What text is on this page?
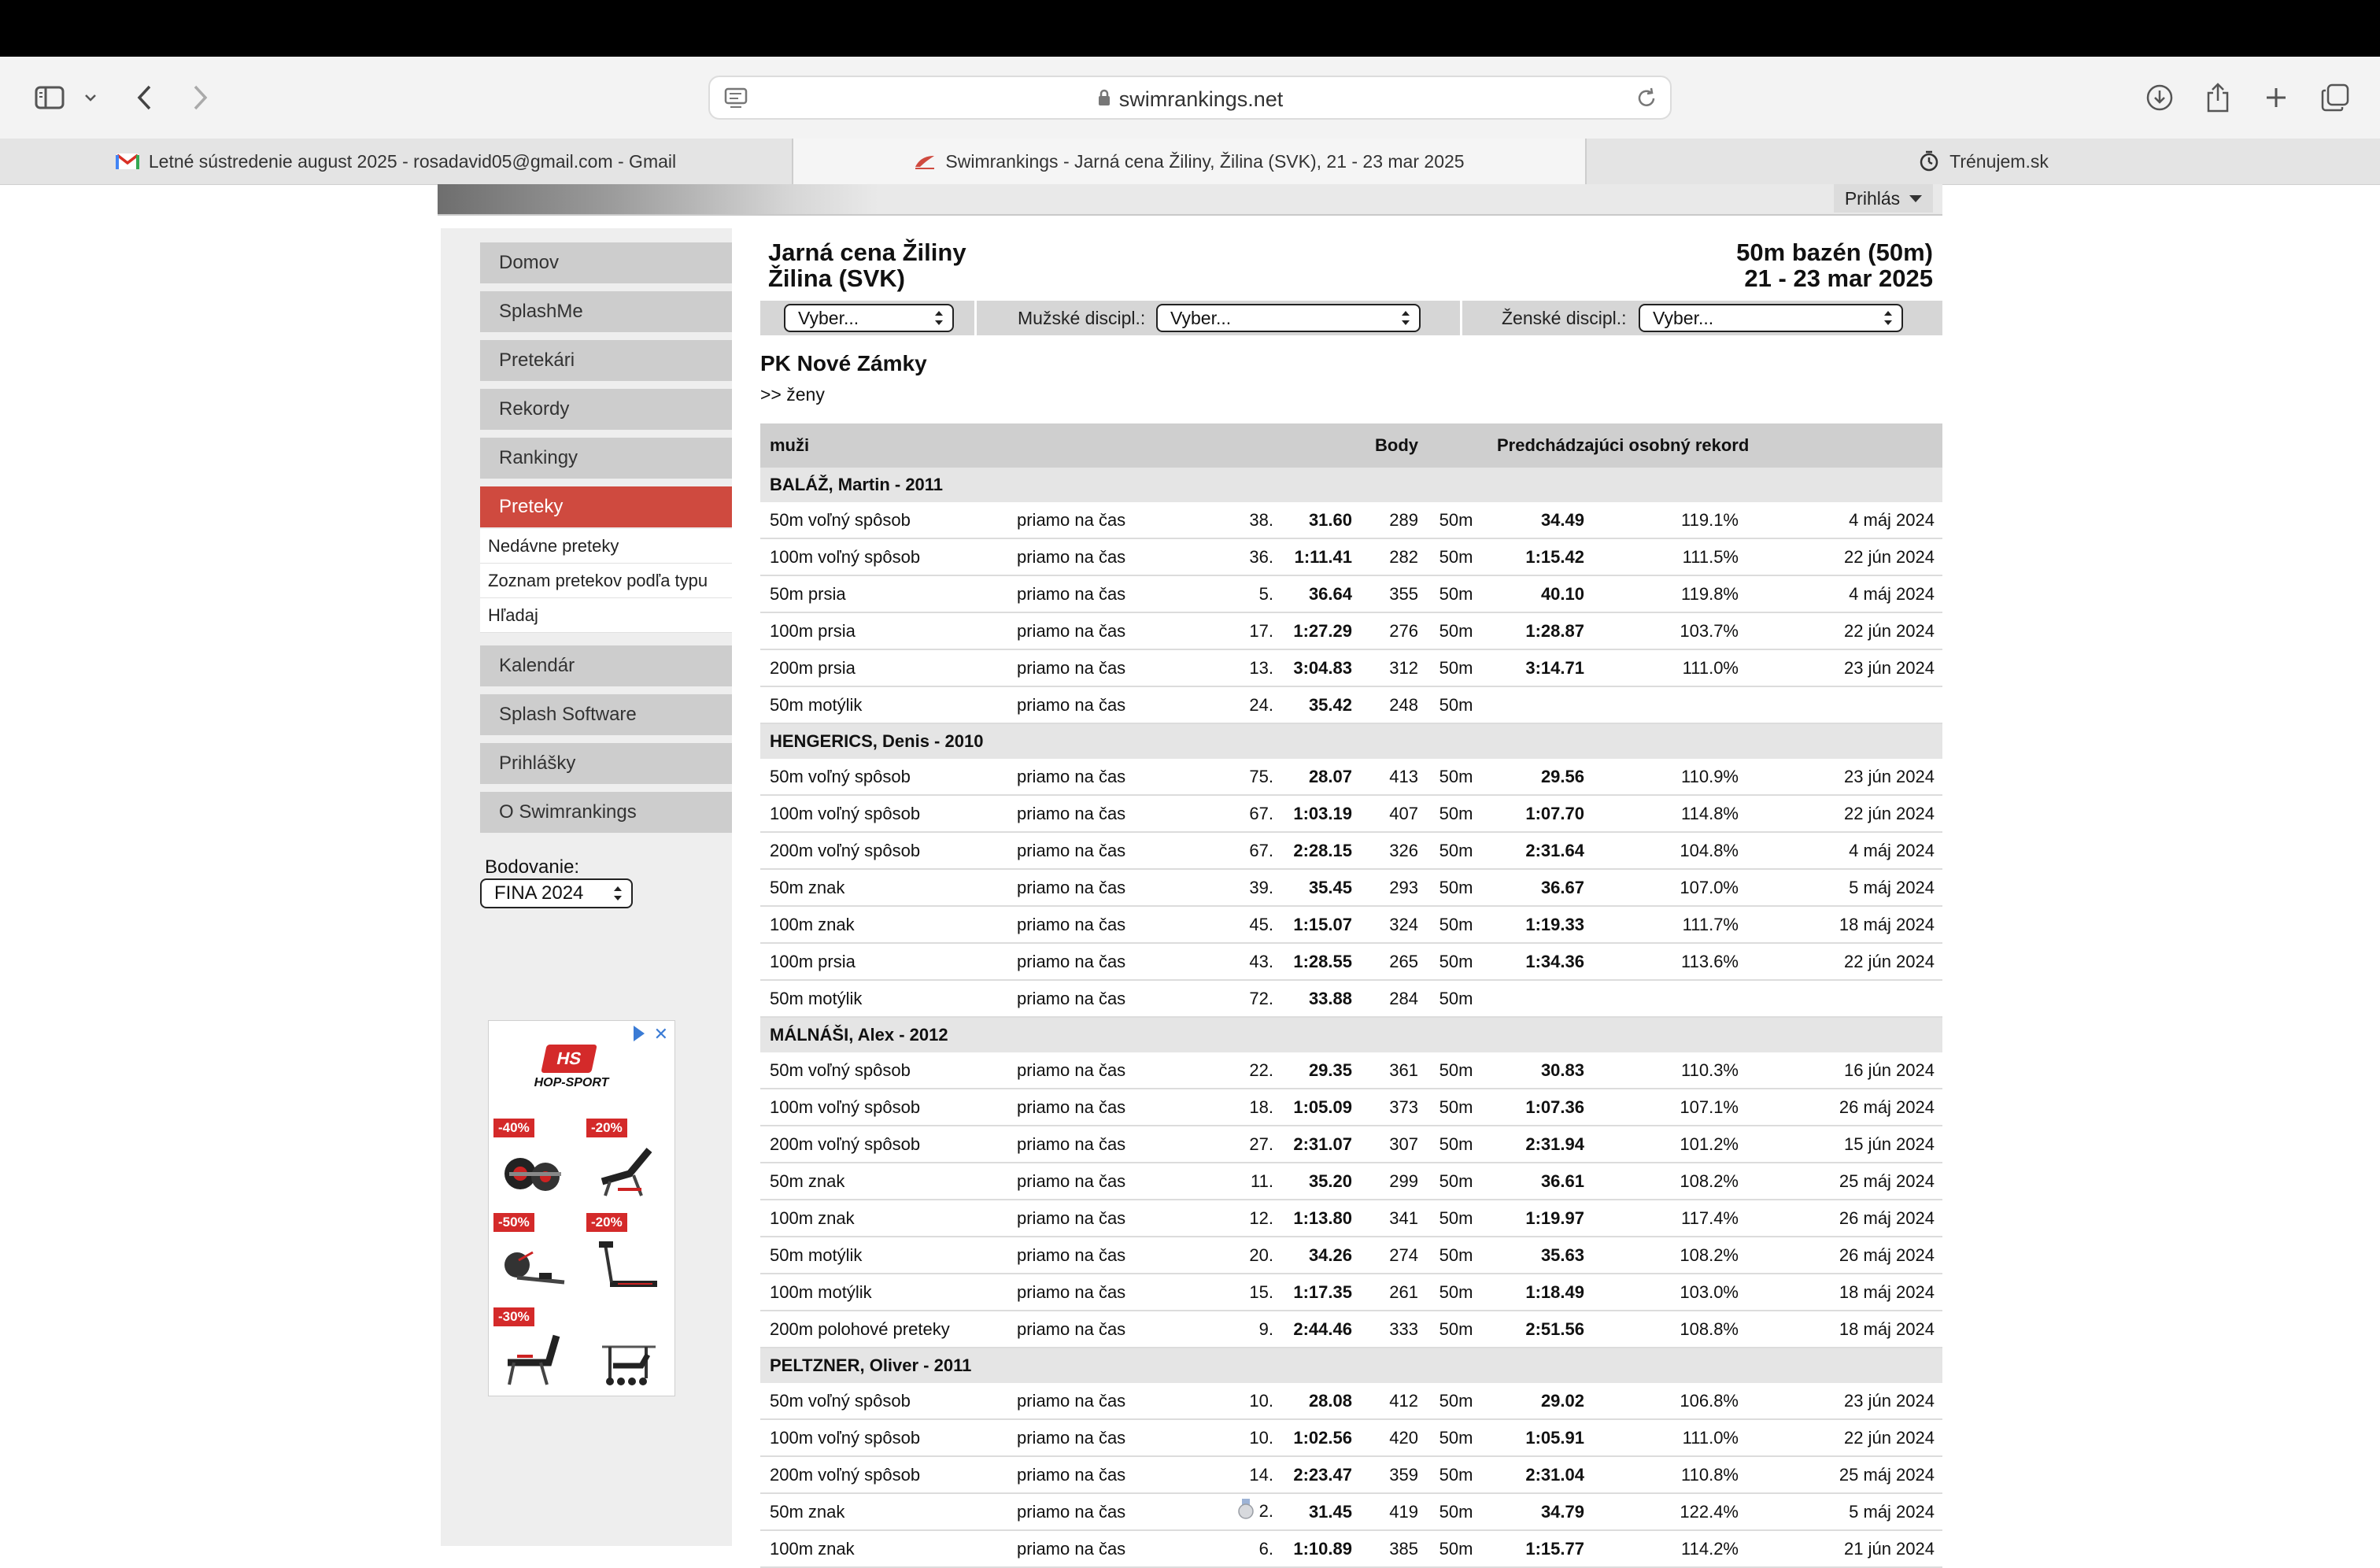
swimrankings.net
Letné sústredenie august 2025 - rosadavid05@gmail.com - Gmail	Swimrankings - Jarná cena Žiliny, Žilina (SVK), 21 - 23 mar 2025	Trénujem.sk
Prihlás
Domov
SplashMe
Pretekári
Rekordy
Rankingy
Preteky
Nedávne preteky
Zoznam pretekov podľa typu
Hľadaj
Kalendár
Splash Software
Prihlášky
O Swimrankings
Bodovanie:
FINA 2024
✕
HS
HOP-SPORT
-40%	-20%
-50%	-20%
-30%
Jarná cena Žiliny
Žilina (SVK)
50m bazén (50m)
21 - 23 mar 2025
Vyber...	Mužské discipl.: Vyber...	Ženské discipl.: Vyber...
PK Nové Zámky
>> ženy
muži				Body	Predchádzajúci osobný rekord			
BALÁŽ, Martin - 2011								
50m voľný spôsob	priamo na čas	38.	31.60	289	50m	34.49	119.1%	4 máj 2024
100m voľný spôsob	priamo na čas	36.	1:11.41	282	50m	1:15.42	111.5%	22 jún 2024
50m prsia	priamo na čas	5.	36.64	355	50m	40.10	119.8%	4 máj 2024
100m prsia	priamo na čas	17.	1:27.29	276	50m	1:28.87	103.7%	22 jún 2024
200m prsia	priamo na čas	13.	3:04.83	312	50m	3:14.71	111.0%	23 jún 2024
50m motýlik	priamo na čas	24.	35.42	248	50m			
HENGERICS, Denis - 2010								
50m voľný spôsob	priamo na čas	75.	28.07	413	50m	29.56	110.9%	23 jún 2024
100m voľný spôsob	priamo na čas	67.	1:03.19	407	50m	1:07.70	114.8%	22 jún 2024
200m voľný spôsob	priamo na čas	67.	2:28.15	326	50m	2:31.64	104.8%	4 máj 2024
50m znak	priamo na čas	39.	35.45	293	50m	36.67	107.0%	5 máj 2024
100m znak	priamo na čas	45.	1:15.07	324	50m	1:19.33	111.7%	18 máj 2024
100m prsia	priamo na čas	43.	1:28.55	265	50m	1:34.36	113.6%	22 jún 2024
50m motýlik	priamo na čas	72.	33.88	284	50m			
MÁLNÁŠI, Alex - 2012								
50m voľný spôsob	priamo na čas	22.	29.35	361	50m	30.83	110.3%	16 jún 2024
100m voľný spôsob	priamo na čas	18.	1:05.09	373	50m	1:07.36	107.1%	26 máj 2024
200m voľný spôsob	priamo na čas	27.	2:31.07	307	50m	2:31.94	101.2%	15 jún 2024
50m znak	priamo na čas	11.	35.20	299	50m	36.61	108.2%	25 máj 2024
100m znak	priamo na čas	12.	1:13.80	341	50m	1:19.97	117.4%	26 máj 2024
50m motýlik	priamo na čas	20.	34.26	274	50m	35.63	108.2%	26 máj 2024
100m motýlik	priamo na čas	15.	1:17.35	261	50m	1:18.49	103.0%	18 máj 2024
200m polohové preteky	priamo na čas	9.	2:44.46	333	50m	2:51.56	108.8%	18 máj 2024
PELTZNER, Oliver - 2011								
50m voľný spôsob	priamo na čas	10.	28.08	412	50m	29.02	106.8%	23 jún 2024
100m voľný spôsob	priamo na čas	10.	1:02.56	420	50m	1:05.91	111.0%	22 jún 2024
200m voľný spôsob	priamo na čas	14.	2:23.47	359	50m	2:31.04	110.8%	25 máj 2024
50m znak	priamo na čas	2.	31.45	419	50m	34.79	122.4%	5 máj 2024
100m znak	priamo na čas	6.	1:10.89	385	50m	1:15.77	114.2%	21 jún 2024
